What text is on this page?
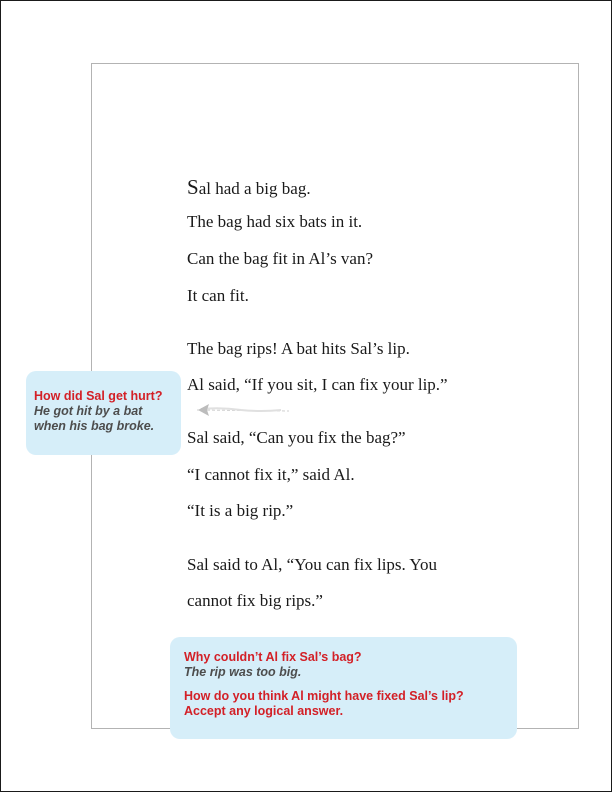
Sal had a big bag.
The bag had six bats in it.
Can the bag fit in Al’s van?
It can fit.
The bag rips! A bat hits Sal’s lip.
Al said, “If you sit, I can fix your lip.”
Sal said, “Can you fix the bag?”
“I cannot fix it,” said Al.
“It is a big rip.”
Sal said to Al, “You can fix lips. You
cannot fix big rips.”
How did Sal get hurt?
He got hit by a bat
when his bag broke.
Why couldn’t Al fix Sal’s bag?
The rip was too big.
How do you think Al might have fixed Sal’s lip?
Accept any logical answer.
